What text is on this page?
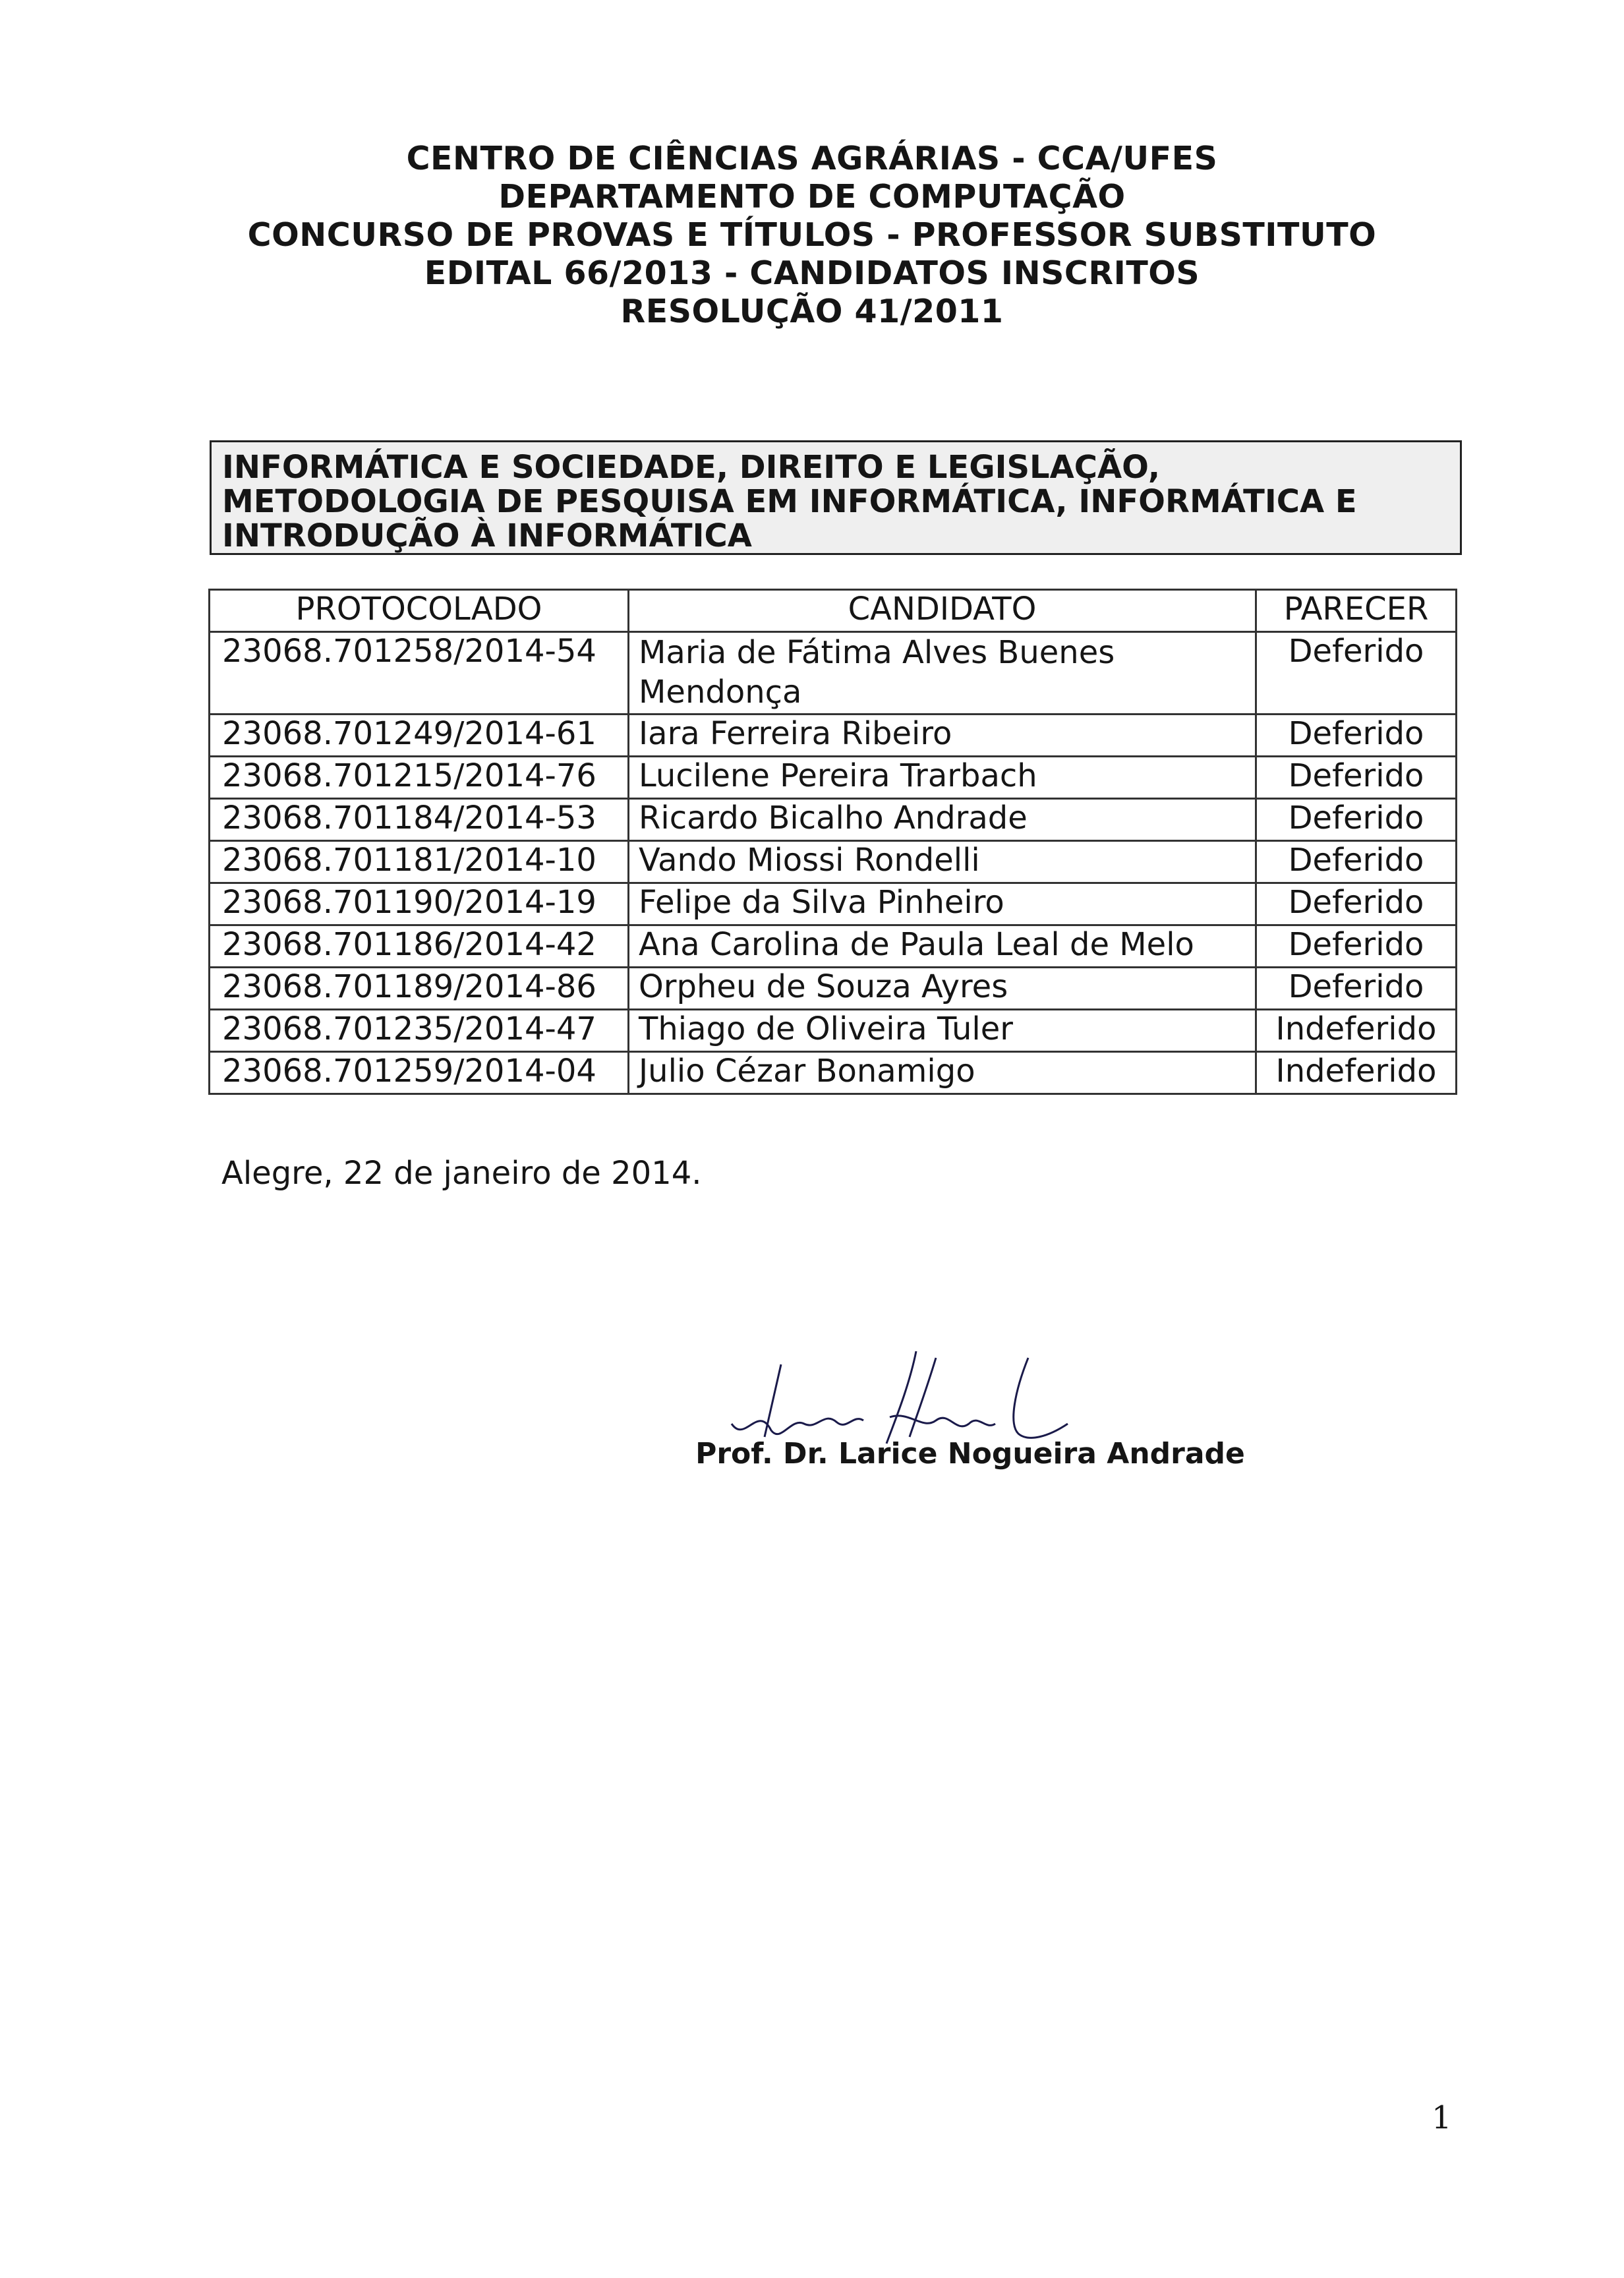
CENTRO DE CIÊNCIAS AGRÁRIAS - CCA/UFES
DEPARTAMENTO DE COMPUTAÇÃO
CONCURSO DE PROVAS E TÍTULOS - PROFESSOR SUBSTITUTO
EDITAL 66/2013 - CANDIDATOS INSCRITOS
RESOLUÇÃO 41/2011
INFORMÁTICA E SOCIEDADE, DIREITO E LEGISLAÇÃO,
METODOLOGIA DE PESQUISA EM INFORMÁTICA, INFORMÁTICA E
INTRODUÇÃO À INFORMÁTICA
PROTOCOLADO	CANDIDATO	PARECER
23068.701258/2014-54	Maria de Fátima Alves Buenes Mendonça	Deferido
23068.701249/2014-61	Iara Ferreira Ribeiro	Deferido
23068.701215/2014-76	Lucilene Pereira Trarbach	Deferido
23068.701184/2014-53	Ricardo Bicalho Andrade	Deferido
23068.701181/2014-10	Vando Miossi Rondelli	Deferido
23068.701190/2014-19	Felipe da Silva Pinheiro	Deferido
23068.701186/2014-42	Ana Carolina de Paula Leal de Melo	Deferido
23068.701189/2014-86	Orpheu de Souza Ayres	Deferido
23068.701235/2014-47	Thiago de Oliveira Tuler	Indeferido
23068.701259/2014-04	Julio Cézar Bonamigo	Indeferido
Alegre, 22 de janeiro de 2014.
Prof. Dr. Larice Nogueira Andrade
1
